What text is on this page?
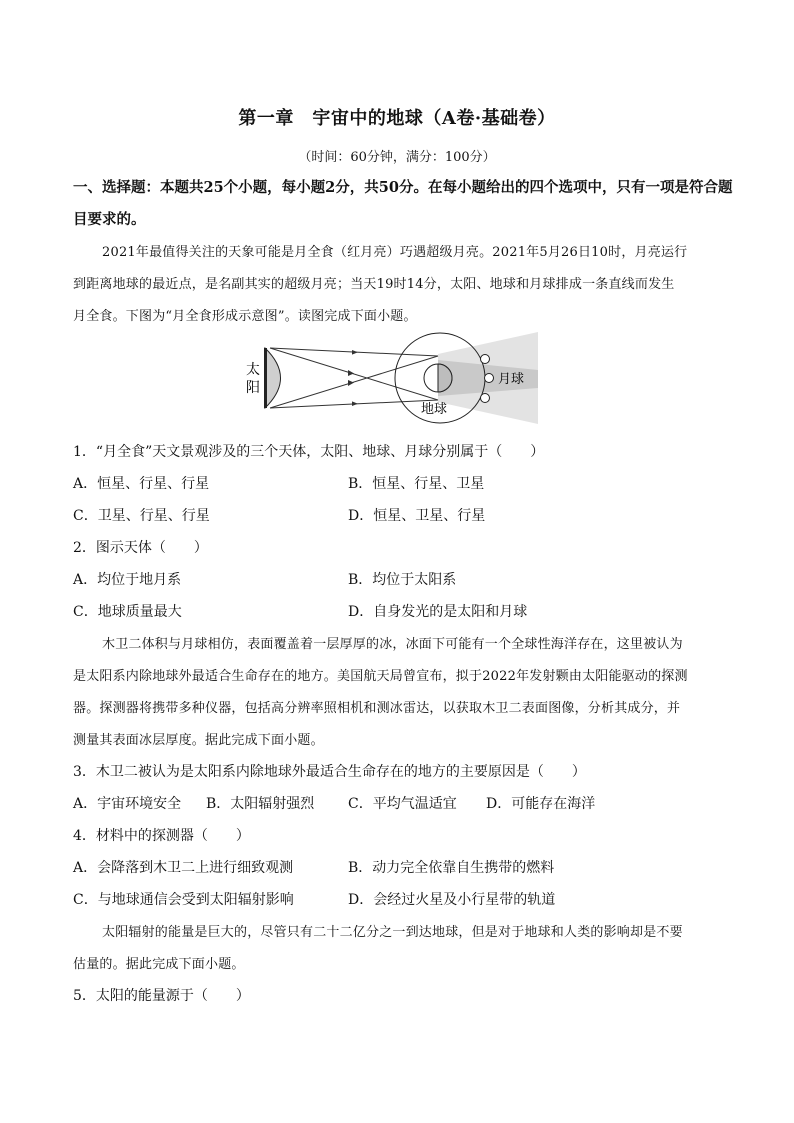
第一章　宇宙中的地球（A卷·基础卷）
（时间：60分钟，满分：100分）
一、选择题：本题共25个小题，每小题2分，共50分。在每小题给出的四个选项中，只有一项是符合题
目要求的。
2021年最值得关注的天象可能是月全食（红月亮）巧遇超级月亮。2021年5月26日10时，月亮运行
到距离地球的最近点，是名副其实的超级月亮；当天19时14分，太阳、地球和月球排成一条直线而发生
月全食。下图为“月全食形成示意图”。读图完成下面小题。
太
阳
地球
月球
1．“月全食”天文景观涉及的三个天体，太阳、地球、月球分别属于（　　）
A．恒星、行星、行星	B．恒星、行星、卫星
C．卫星、行星、行星	D．恒星、卫星、行星
2．图示天体（　　）
A．均位于地月系	B．均位于太阳系
C．地球质量最大	D．自身发光的是太阳和月球
木卫二体积与月球相仿，表面覆盖着一层厚厚的冰，冰面下可能有一个全球性海洋存在，这里被认为
是太阳系内除地球外最适合生命存在的地方。美国航天局曾宣布，拟于2022年发射颗由太阳能驱动的探测
器。探测器将携带多种仪器，包括高分辨率照相机和测冰雷达，以获取木卫二表面图像，分析其成分，并
测量其表面冰层厚度。据此完成下面小题。
3．木卫二被认为是太阳系内除地球外最适合生命存在的地方的主要原因是（　　）
A．宇宙环境安全 B．太阳辐射强烈 C．平均气温适宜 D．可能存在海洋
4．材料中的探测器（　　）
A．会降落到木卫二上进行细致观测	B．动力完全依靠自生携带的燃料
C．与地球通信会受到太阳辐射影响	D．会经过火星及小行星带的轨道
太阳辐射的能量是巨大的，尽管只有二十二亿分之一到达地球，但是对于地球和人类的影响却是不要
估量的。据此完成下面小题。
5．太阳的能量源于（　　）
